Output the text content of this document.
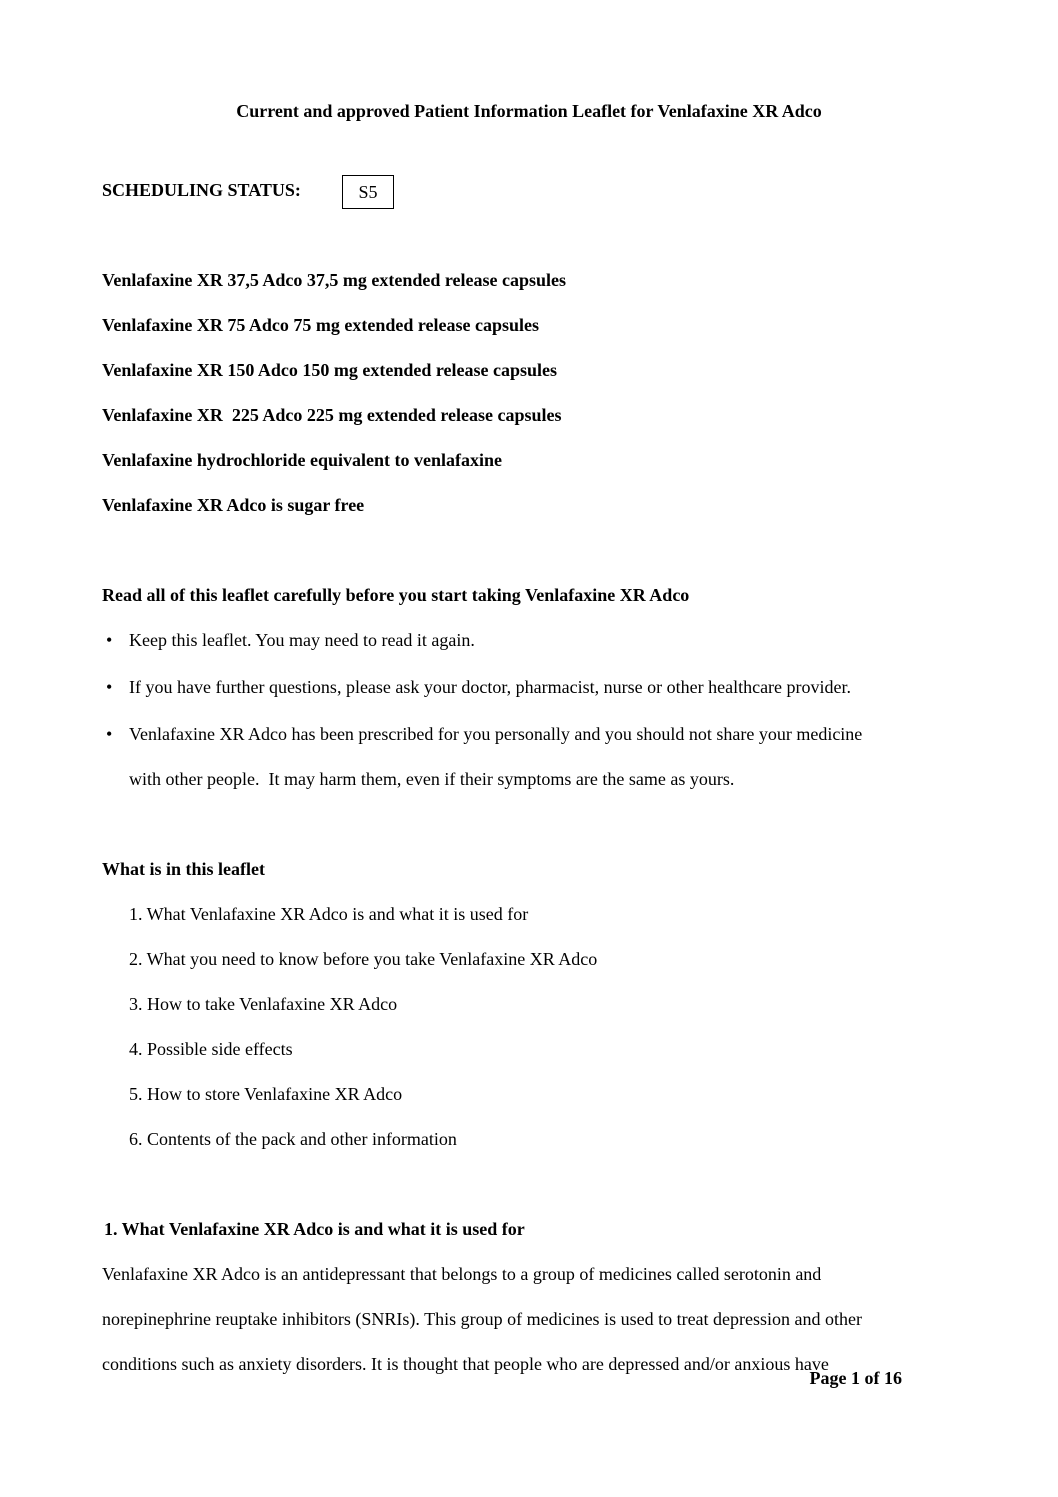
Current and approved Patient Information Leaflet for Venlafaxine XR Adco
SCHEDULING STATUS:	S5
Venlafaxine XR 37,5 Adco 37,5 mg extended release capsules
Venlafaxine XR 75 Adco 75 mg extended release capsules
Venlafaxine XR 150 Adco 150 mg extended release capsules
Venlafaxine XR  225 Adco 225 mg extended release capsules
Venlafaxine hydrochloride equivalent to venlafaxine
Venlafaxine XR Adco is sugar free
Read all of this leaflet carefully before you start taking Venlafaxine XR Adco
• Keep this leaflet. You may need to read it again.
• If you have further questions, please ask your doctor, pharmacist, nurse or other healthcare provider.
• Venlafaxine XR Adco has been prescribed for you personally and you should not share your medicine
with other people.  It may harm them, even if their symptoms are the same as yours.
What is in this leaflet
1. What Venlafaxine XR Adco is and what it is used for
2. What you need to know before you take Venlafaxine XR Adco
3. How to take Venlafaxine XR Adco
4. Possible side effects
5. How to store Venlafaxine XR Adco
6. Contents of the pack and other information
1. What Venlafaxine XR Adco is and what it is used for
Venlafaxine XR Adco is an antidepressant that belongs to a group of medicines called serotonin and
norepinephrine reuptake inhibitors (SNRIs). This group of medicines is used to treat depression and other
conditions such as anxiety disorders. It is thought that people who are depressed and/or anxious have
Page 1 of 16
